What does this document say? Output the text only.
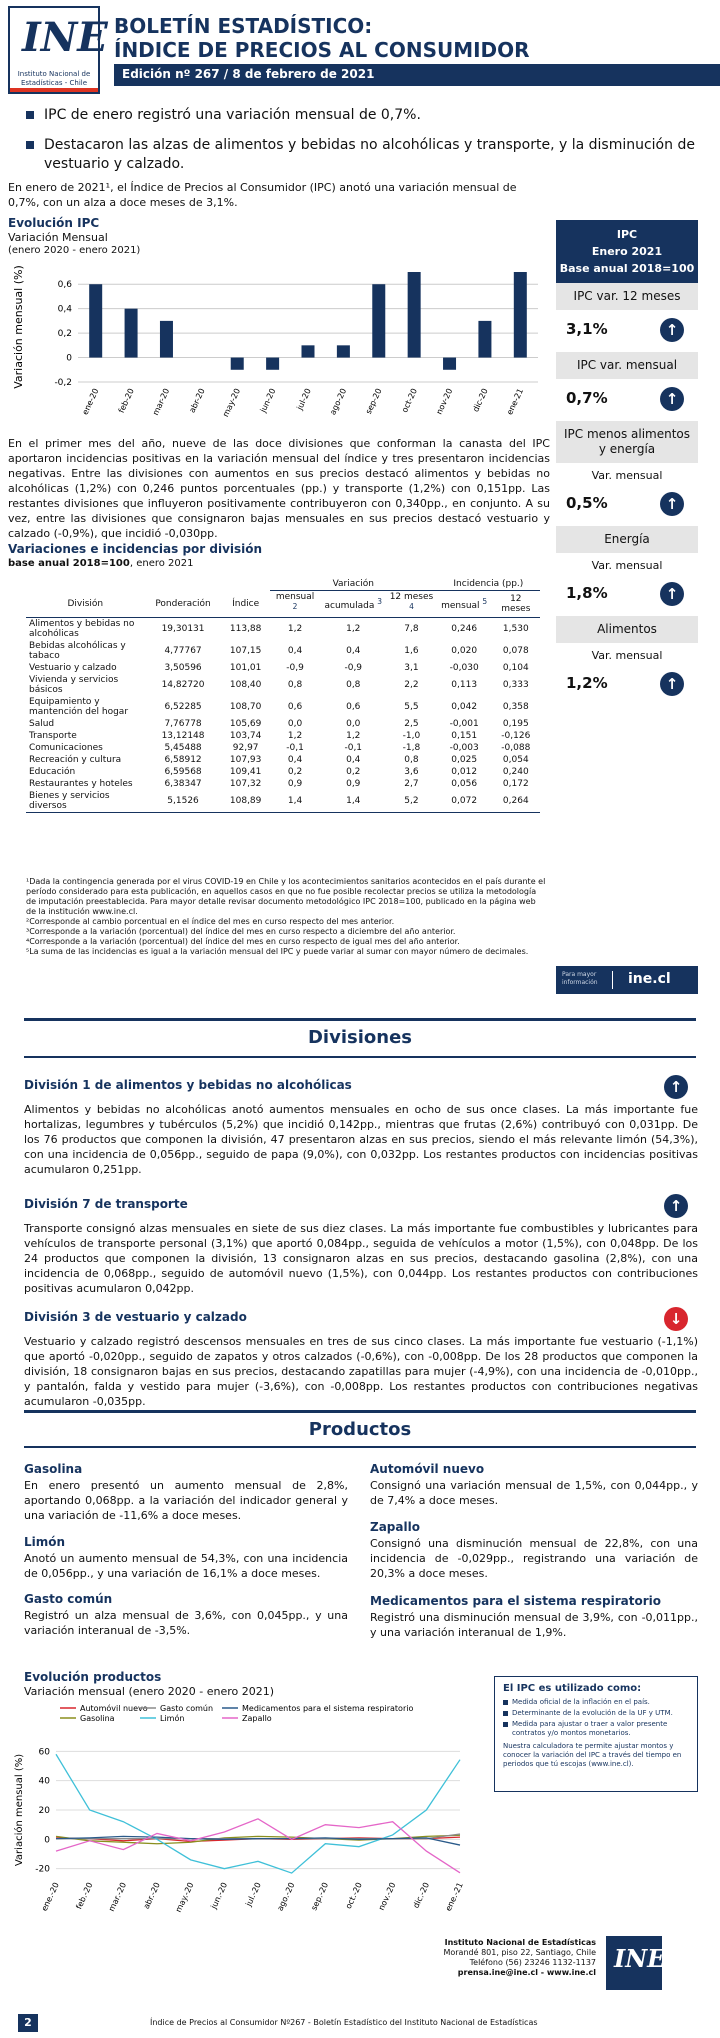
INE
Instituto Nacional de
Estadísticas - Chile
BOLETÍN ESTADÍSTICO:
ÍNDICE DE PRECIOS AL CONSUMIDOR
Edición nº 267 / 8 de febrero de 2021
IPC de enero registró una variación mensual de 0,7%.
Destacaron las alzas de alimentos y bebidas no alcohólicas y transporte, y la disminución de vestuario y calzado.
En enero de 2021¹, el Índice de Precios al Consumidor (IPC) anotó una variación mensual de 0,7%, con un alza a doce meses de 3,1%.
Evolución IPC
Variación Mensual
(enero 2020 - enero 2021)
Variación mensual (%)	0,6
0,4
0,2
0
-0,2
ene-20 feb-20 mar-20 abr-20 may-20 jun-20 jul-20 ago-20 sep-20 oct-20 nov-20 dic-20 ene-21
IPC
Enero 2021
Base anual 2018=100
IPC var. 12 meses
3,1%	↑
IPC var. mensual
0,7%	↑
IPC menos alimentos y energía
Var. mensual
0,5%	↑
Energía
Var. mensual
1,8%	↑
Alimentos
Var. mensual
1,2%	↑
En el primer mes del año, nueve de las doce divisiones que conforman la canasta del IPC aportaron incidencias positivas en la variación mensual del índice y tres presentaron incidencias negativas. Entre las divisiones con aumentos en sus precios destacó alimentos y bebidas no alcohólicas (1,2%) con 0,246 puntos porcentuales (pp.) y transporte (1,2%) con 0,151pp. Las restantes divisiones que influyeron positivamente contribuyeron con 0,340pp., en conjunto. A su vez, entre las divisiones que consignaron bajas mensuales en sus precios destacó vestuario y calzado (-0,9%), que incidió -0,030pp.
Variaciones e incidencias por división
base anual 2018=100, enero 2021
			Variación			Incidencia (pp.)	
División	Ponderación	Índice	mensual $^2$	acumulada $^3$	12 meses $^4$	mensual $^5$	12 meses
Alimentos y bebidas no alcohólicas	19,30131	113,88	1,2	1,2	7,8	0,246	1,530
Bebidas alcohólicas y tabaco	4,77767	107,15	0,4	0,4	1,6	0,020	0,078
Vestuario y calzado	3,50596	101,01	-0,9	-0,9	3,1	-0,030	0,104
Vivienda y servicios básicos	14,82720	108,40	0,8	0,8	2,2	0,113	0,333
Equipamiento y mantención del hogar	6,52285	108,70	0,6	0,6	5,5	0,042	0,358
Salud	7,76778	105,69	0,0	0,0	2,5	-0,001	0,195
Transporte	13,12148	103,74	1,2	1,2	-1,0	0,151	-0,126
Comunicaciones	5,45488	92,97	-0,1	-0,1	-1,8	-0,003	-0,088
Recreación y cultura	6,58912	107,93	0,4	0,4	0,8	0,025	0,054
Educación	6,59568	109,41	0,2	0,2	3,6	0,012	0,240
Restaurantes y hoteles	6,38347	107,32	0,9	0,9	2,7	0,056	0,172
Bienes y servicios diversos	5,1526	108,89	1,4	1,4	5,2	0,072	0,264
¹Dada la contingencia generada por el virus COVID-19 en Chile y los acontecimientos sanitarios acontecidos en el país durante el período considerado para esta publicación, en aquellos casos en que no fue posible recolectar precios se utiliza la metodología de imputación preestablecida. Para mayor detalle revisar documento metodológico IPC 2018=100, publicado en la página web de la institución www.ine.cl.
²Corresponde al cambio porcentual en el índice del mes en curso respecto del mes anterior.
³Corresponde a la variación (porcentual) del índice del mes en curso respecto a diciembre del año anterior.
⁴Corresponde a la variación (porcentual) del índice del mes en curso respecto de igual mes del año anterior.
⁵La suma de las incidencias es igual a la variación mensual del IPC y puede variar al sumar con mayor número de decimales.
Para mayor
información ine.cl
Divisiones
División 1 de alimentos y bebidas no alcohólicas	↑
Alimentos y bebidas no alcohólicas anotó aumentos mensuales en ocho de sus once clases. La más importante fue hortalizas, legumbres y tubérculos (5,2%) que incidió 0,142pp., mientras que frutas (2,6%) contribuyó con 0,031pp. De los 76 productos que componen la división, 47 presentaron alzas en sus precios, siendo el más relevante limón (54,3%), con una incidencia de 0,056pp., seguido de papa (9,0%), con 0,032pp. Los restantes productos con incidencias positivas acumularon 0,251pp.
División 7 de transporte	↑
Transporte consignó alzas mensuales en siete de sus diez clases. La más importante fue combustibles y lubricantes para vehículos de transporte personal (3,1%) que aportó 0,084pp., seguida de vehículos a motor (1,5%), con 0,048pp. De los 24 productos que componen la división, 13 consignaron alzas en sus precios, destacando gasolina (2,8%), con una incidencia de 0,068pp., seguido de automóvil nuevo (1,5%), con 0,044pp. Los restantes productos con contribuciones positivas acumularon 0,042pp.
División 3 de vestuario y calzado	↓
Vestuario y calzado registró descensos mensuales en tres de sus cinco clases. La más importante fue vestuario (-1,1%) que aportó -0,020pp., seguido de zapatos y otros calzados (-0,6%), con -0,008pp. De los 28 productos que componen la división, 18 consignaron bajas en sus precios, destacando zapatillas para mujer (-4,9%), con una incidencia de -0,010pp., y pantalón, falda y vestido para mujer (-3,6%), con -0,008pp. Los restantes productos con contribuciones negativas acumularon -0,035pp.
Productos
Gasolina
En enero presentó un aumento mensual de 2,8%, aportando 0,068pp. a la variación del indicador general y una variación de -11,6% a doce meses.
Limón
Anotó un aumento mensual de 54,3%, con una incidencia de 0,056pp., y una variación de 16,1% a doce meses.
Gasto común
Registró un alza mensual de 3,6%, con 0,045pp., y una variación interanual de -3,5%.
Automóvil nuevo
Consignó una variación mensual de 1,5%, con 0,044pp., y de 7,4% a doce meses.
Zapallo
Consignó una disminución mensual de 22,8%, con una incidencia de -0,029pp., registrando una variación de 20,3% a doce meses.
Medicamentos para el sistema respiratorio
Registró una disminución mensual de 3,9%, con -0,011pp., y una variación interanual de 1,9%.
Evolución productos
Variación mensual (enero 2020 - enero 2021)
Automóvil nuevo
Gasolina
Gasto común
Limón
Medicamentos para el sistema respiratorio
Zapallo
Variación mensual (%)
60
40
20
0
-20
ene.-20 feb.-20 mar.-20 abr.-20 may.-20 jun.-20 jul.-20 ago.-20 sep.-20 oct.-20 nov.-20 dic.-20 ene.-21
El IPC es utilizado como:
Medida oficial de la inflación en el país.
Determinante de la evolución de la UF y UTM.
Medida para ajustar o traer a valor presente contratos y/o montos monetarios.
Nuestra calculadora te permite ajustar montos y conocer la variación del IPC a través del tiempo en periodos que tú escojas (www.ine.cl).
Instituto Nacional de Estadísticas
Morandé 801, piso 22, Santiago, Chile
Teléfono (56) 23246 1132-1137
prensa.ine@ine.cl - www.ine.cl INE
2	Índice de Precios al Consumidor Nº267 - Boletín Estadístico del Instituto Nacional de Estadísticas
